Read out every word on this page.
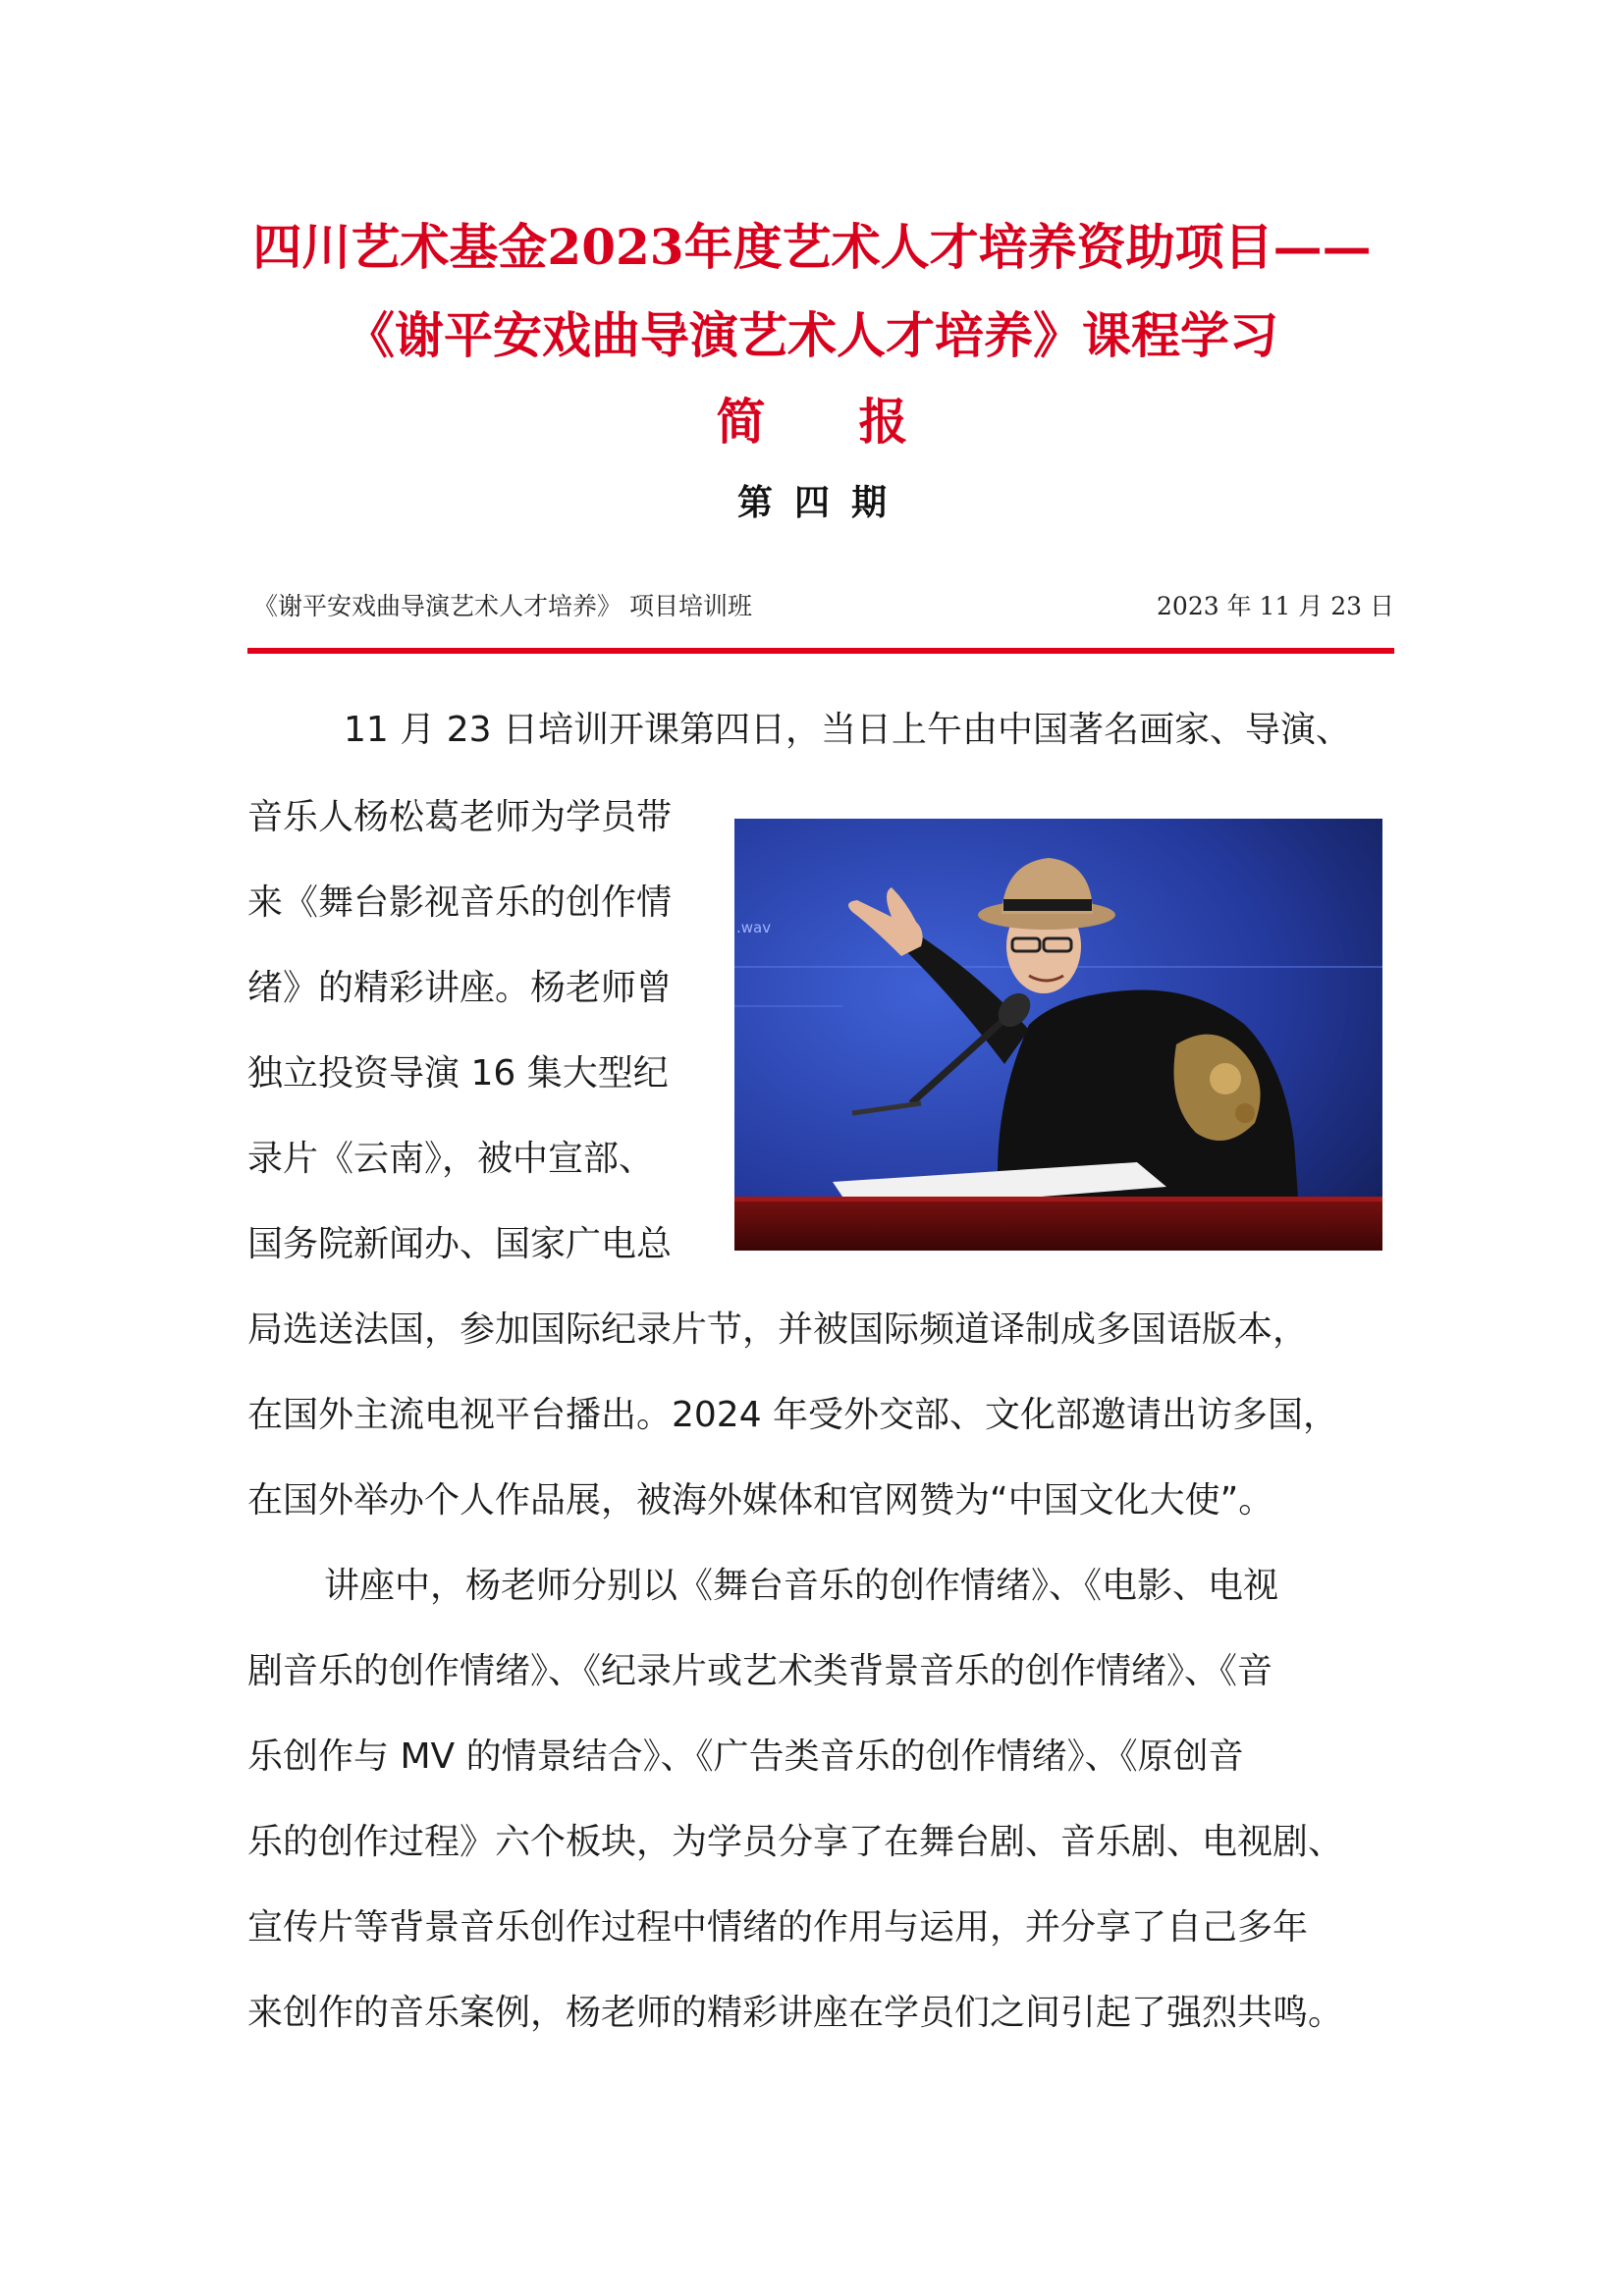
四川艺术基金2023年度艺术人才培养资助项目——
《谢平安戏曲导演艺术人才培养》课程学习
简报
第四期
《谢平安戏曲导演艺术人才培养》 项目培训班	2023 年 11 月 23 日
11 月 23 日培训开课第四日，当日上午由中国著名画家、导演、
音乐人杨松葛老师为学员带
来《舞台影视音乐的创作情
绪》的精彩讲座。杨老师曾
独立投资导演 16 集大型纪
录片《云南》，被中宣部、
国务院新闻办、国家广电总
局选送法国，参加国际纪录片节，并被国际频道译制成多国语版本，
在国外主流电视平台播出。2024 年受外交部、文化部邀请出访多国，
在国外举办个人作品展，被海外媒体和官网赞为“中国文化大使”。
讲座中，杨老师分别以《舞台音乐的创作情绪》、《电影、电视
剧音乐的创作情绪》、《纪录片或艺术类背景音乐的创作情绪》、《音
乐创作与 MV 的情景结合》、《广告类音乐的创作情绪》、《原创音
乐的创作过程》六个板块，为学员分享了在舞台剧、音乐剧、电视剧、
宣传片等背景音乐创作过程中情绪的作用与运用，并分享了自己多年
来创作的音乐案例，杨老师的精彩讲座在学员们之间引起了强烈共鸣。
.wav
